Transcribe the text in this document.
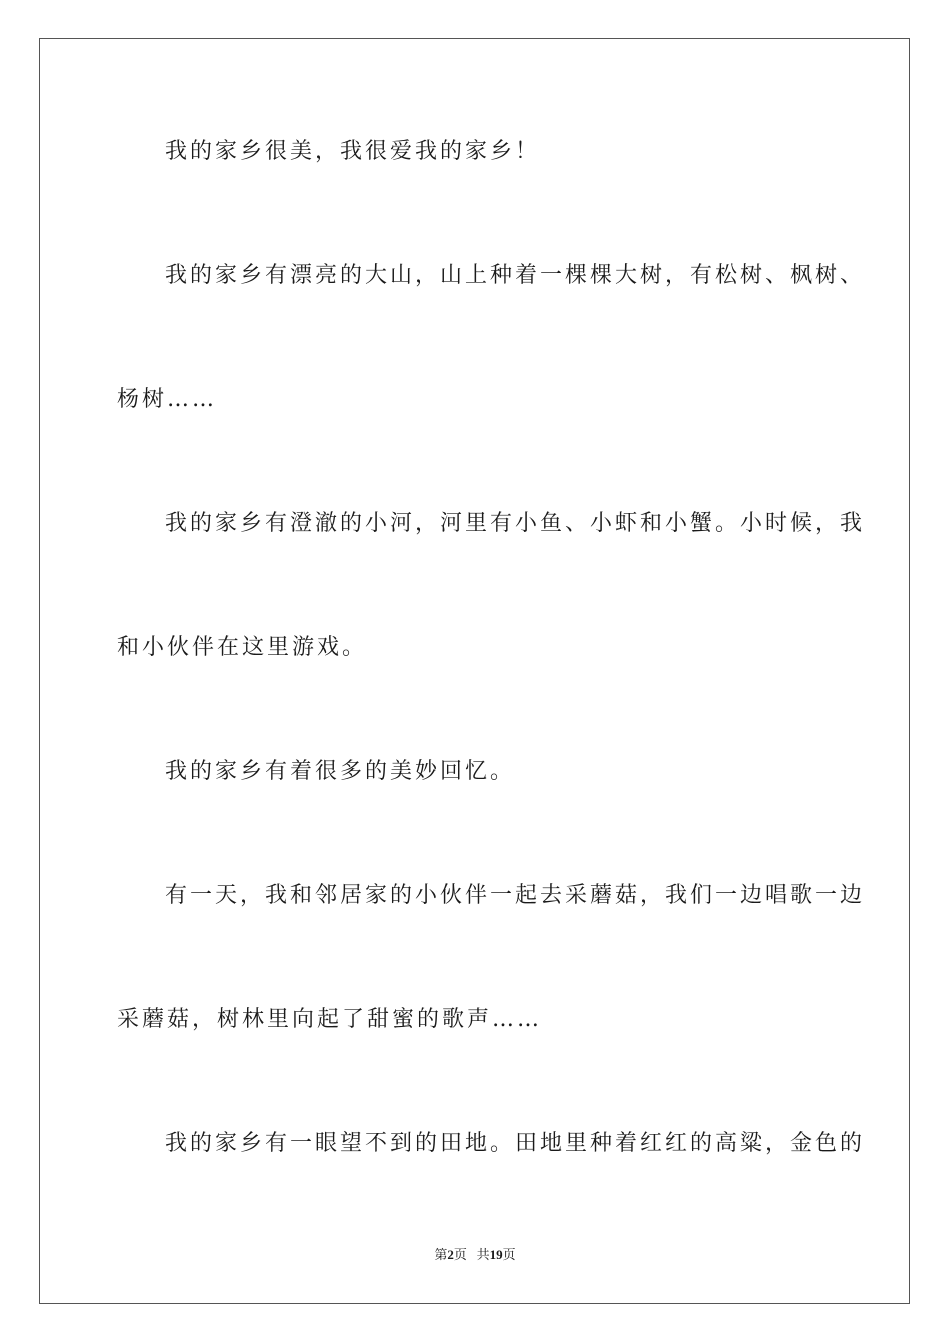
我的家乡很美，我很爱我的家乡！
我的家乡有漂亮的大山，山上种着一棵棵大树，有松树、枫树、
杨树……
我的家乡有澄澈的小河，河里有小鱼、小虾和小蟹。小时候，我
和小伙伴在这里游戏。
我的家乡有着很多的美妙回忆。
有一天，我和邻居家的小伙伴一起去采蘑菇，我们一边唱歌一边
采蘑菇，树林里向起了甜蜜的歌声……
我的家乡有一眼望不到的田地。田地里种着红红的高粱，金色的
第2页 共19页
